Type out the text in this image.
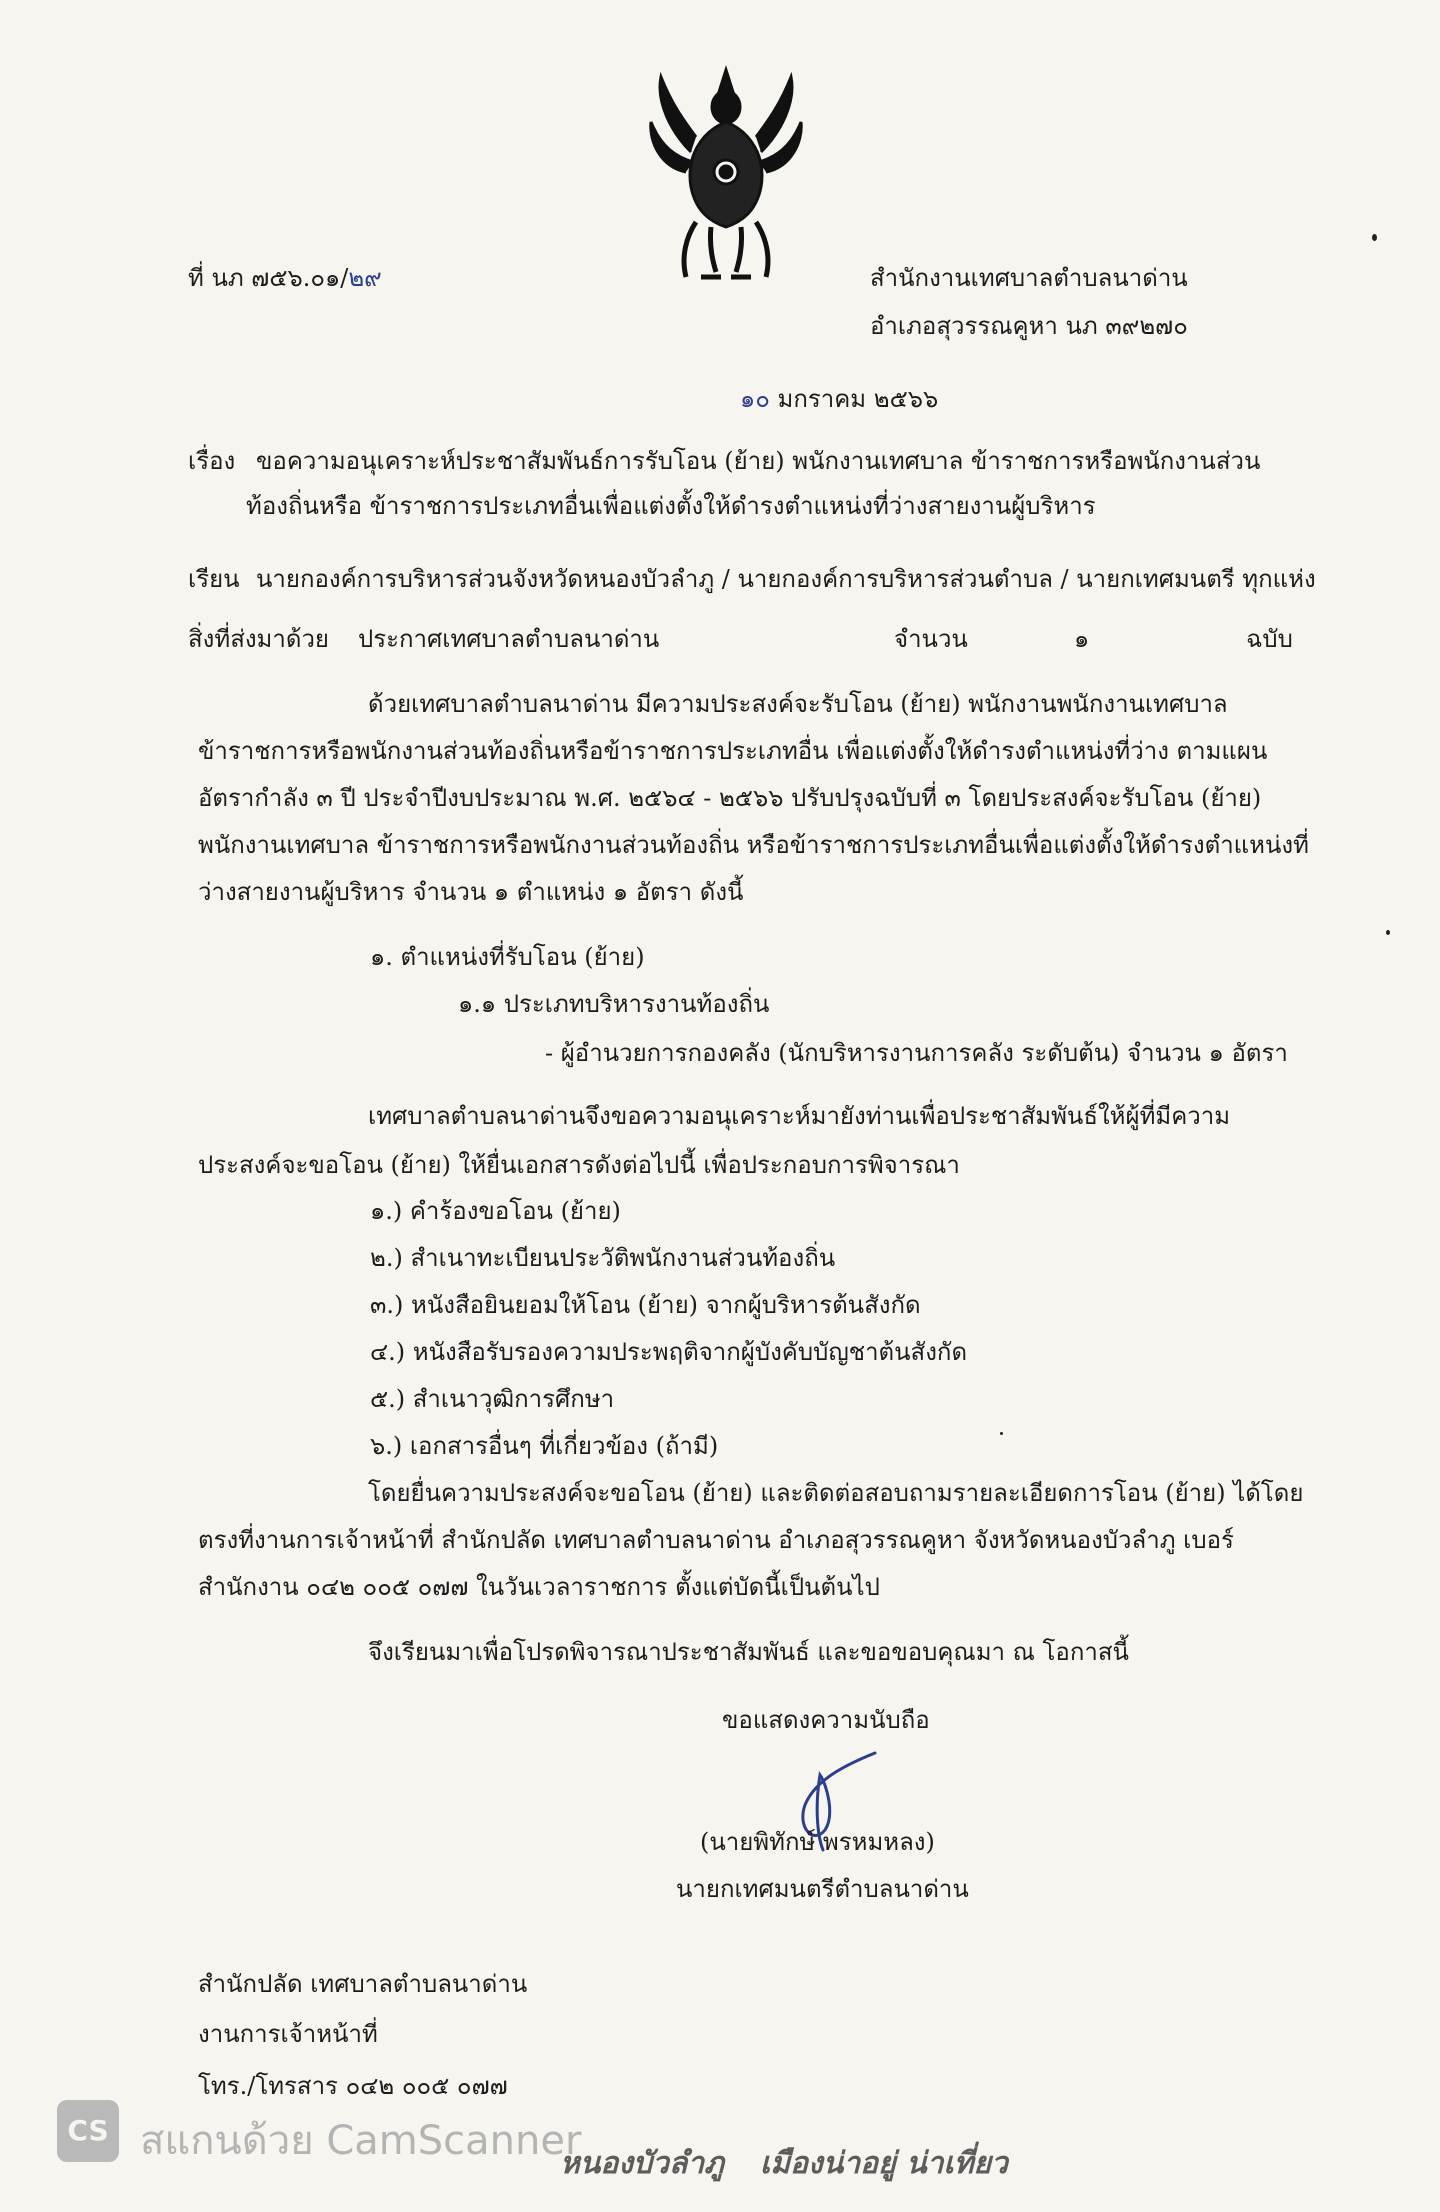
ที่ นภ ๗๕๖.๐๑/๒๙	สำนักงานเทศบาลตำบลนาด่าน
อำเภอสุวรรณคูหา นภ ๓๙๒๗๐
๑๐ มกราคม ๒๕๖๖
เรื่อง ขอความอนุเคราะห์ประชาสัมพันธ์การรับโอน (ย้าย) พนักงานเทศบาล ข้าราชการหรือพนักงานส่วน
ท้องถิ่นหรือ ข้าราชการประเภทอื่นเพื่อแต่งตั้งให้ดำรงตำแหน่งที่ว่างสายงานผู้บริหาร
เรียน นายกองค์การบริหารส่วนจังหวัดหนองบัวลำภู / นายกองค์การบริหารส่วนตำบล / นายกเทศมนตรี ทุกแห่ง
สิ่งที่ส่งมาด้วย ประกาศเทศบาลตำบลนาด่าน	จำนวน	๑	ฉบับ
ด้วยเทศบาลตำบลนาด่าน มีความประสงค์จะรับโอน (ย้าย) พนักงานพนักงานเทศบาล
ข้าราชการหรือพนักงานส่วนท้องถิ่นหรือข้าราชการประเภทอื่น เพื่อแต่งตั้งให้ดำรงตำแหน่งที่ว่าง ตามแผน
อัตรากำลัง ๓ ปี ประจำปีงบประมาณ พ.ศ. ๒๕๖๔ - ๒๕๖๖ ปรับปรุงฉบับที่ ๓ โดยประสงค์จะรับโอน (ย้าย)
พนักงานเทศบาล ข้าราชการหรือพนักงานส่วนท้องถิ่น หรือข้าราชการประเภทอื่นเพื่อแต่งตั้งให้ดำรงตำแหน่งที่
ว่างสายงานผู้บริหาร จำนวน ๑ ตำแหน่ง ๑ อัตรา ดังนี้
๑. ตำแหน่งที่รับโอน (ย้าย)
๑.๑ ประเภทบริหารงานท้องถิ่น
- ผู้อำนวยการกองคลัง (นักบริหารงานการคลัง ระดับต้น) จำนวน ๑ อัตรา
เทศบาลตำบลนาด่านจึงขอความอนุเคราะห์มายังท่านเพื่อประชาสัมพันธ์ให้ผู้ที่มีความ
ประสงค์จะขอโอน (ย้าย) ให้ยื่นเอกสารดังต่อไปนี้ เพื่อประกอบการพิจารณา
๑.) คำร้องขอโอน (ย้าย)
๒.) สำเนาทะเบียนประวัติพนักงานส่วนท้องถิ่น
๓.) หนังสือยินยอมให้โอน (ย้าย) จากผู้บริหารต้นสังกัด
๔.) หนังสือรับรองความประพฤติจากผู้บังคับบัญชาต้นสังกัด
๕.) สำเนาวุฒิการศึกษา
๖.) เอกสารอื่นๆ ที่เกี่ยวข้อง (ถ้ามี)
โดยยื่นความประสงค์จะขอโอน (ย้าย) และติดต่อสอบถามรายละเอียดการโอน (ย้าย) ได้โดย
ตรงที่งานการเจ้าหน้าที่ สำนักปลัด เทศบาลตำบลนาด่าน อำเภอสุวรรณคูหา จังหวัดหนองบัวลำภู เบอร์
สำนักงาน ๐๔๒ ๐๐๕ ๐๗๗ ในวันเวลาราชการ ตั้งแต่บัดนี้เป็นต้นไป
จึงเรียนมาเพื่อโปรดพิจารณาประชาสัมพันธ์ และขอขอบคุณมา ณ โอกาสนี้
ขอแสดงความนับถือ
(นายพิทักษ์ พรหมหลง)
นายกเทศมนตรีตำบลนาด่าน
สำนักปลัด เทศบาลตำบลนาด่าน
งานการเจ้าหน้าที่
โทร./โทรสาร ๐๔๒ ๐๐๕ ๐๗๗
CS สแกนด้วย CamScanner
หนองบัวลำภู เมืองน่าอยู่ น่าเที่ยว
